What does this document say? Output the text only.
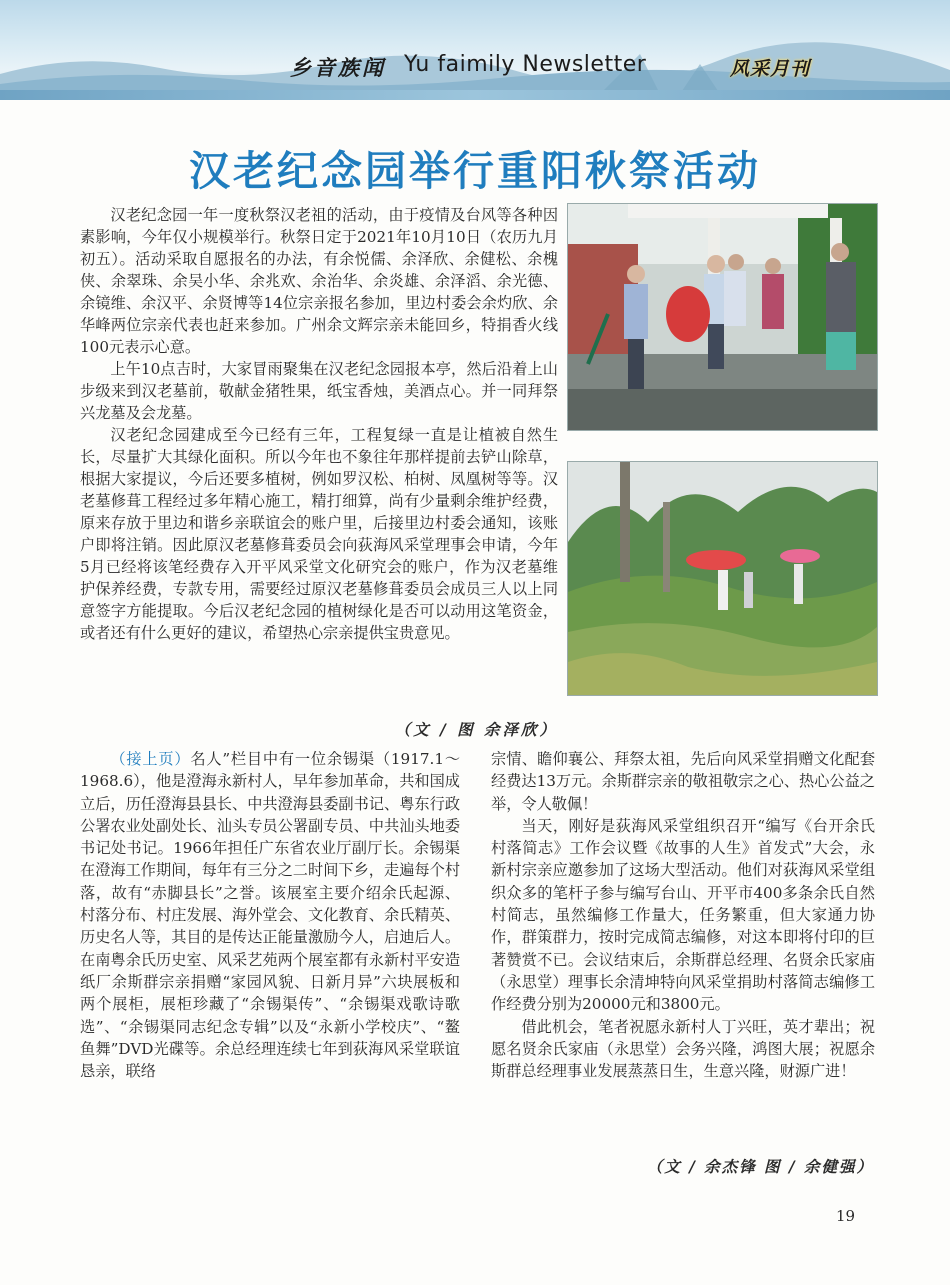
乡音族闻 Yu faimily Newsletter	风采月刊
汉老纪念园举行重阳秋祭活动

汉老纪念园一年一度秋祭汉老祖的活动，由于疫情及台风等各种因素影响，今年仅小规模举行。秋祭日定于2021年10月10日（农历九月初五）。活动采取自愿报名的办法，有余悦儒、余泽欣、余健松、余槐侠、余翠珠、余吴小华、余兆欢、余治华、余炎雄、余泽滔、余光德、余镜维、余汉平、余贤博等14位宗亲报名参加，里边村委会余灼欣、余华峰两位宗亲代表也赶来参加。广州余文辉宗亲未能回乡，特捐香火线100元表示心意。

上午10点吉时，大家冒雨聚集在汉老纪念园报本亭，然后沿着上山步级来到汉老墓前，敬献金猪牲果，纸宝香烛，美酒点心。并一同拜祭兴龙墓及会龙墓。

汉老纪念园建成至今已经有三年，工程复绿一直是让植被自然生长，尽量扩大其绿化面积。所以今年也不象往年那样提前去铲山除草，根据大家提议，今后还要多植树，例如罗汉松、柏树、凤凰树等等。汉老墓修葺工程经过多年精心施工，精打细算，尚有少量剩余维护经费，原来存放于里边和谐乡亲联谊会的账户里，后接里边村委会通知，该账户即将注销。因此原汉老墓修葺委员会向荻海风采堂理事会申请，今年5月已经将该笔经费存入开平风采堂文化研究会的账户，作为汉老墓维护保养经费，专款专用，需要经过原汉老墓修葺委员会成员三人以上同意签字方能提取。今后汉老纪念园的植树绿化是否可以动用这笔资金，或者还有什么更好的建议，希望热心宗亲提供宝贵意见。

（文 / 图 余泽欣）

（接上页）名人”栏目中有一位余锡渠（1917.1～1968.6），他是澄海永新村人，早年参加革命，共和国成立后，历任澄海县县长、中共澄海县委副书记、粤东行政公署农业处副处长、汕头专员公署副专员、中共汕头地委书记处书记。1966年担任广东省农业厅副厅长。余锡渠在澄海工作期间，每年有三分之二时间下乡，走遍每个村落，故有“赤脚县长”之誉。该展室主要介绍余氏起源、村落分布、村庄发展、海外堂会、文化教育、余氏精英、历史名人等，其目的是传达正能量激励今人，启迪后人。在南粤余氏历史室、风采艺苑两个展室都有永新村平安造纸厂余斯群宗亲捐赠“家园风貌、日新月异”六块展板和两个展柜，展柜珍藏了“余锡渠传”、“余锡渠戏歌诗歌选”、“余锡渠同志纪念专辑”以及“永新小学校庆”、“鳌鱼舞”DVD光碟等。余总经理连续七年到荻海风采堂联谊恳亲，联络

宗情、瞻仰襄公、拜祭太祖，先后向风采堂捐赠文化配套经费达13万元。余斯群宗亲的敬祖敬宗之心、热心公益之举，令人敬佩！

当天，刚好是荻海风采堂组织召开“编写《台开余氏村落简志》工作会议暨《故事的人生》首发式”大会，永新村宗亲应邀参加了这场大型活动。他们对荻海风采堂组织众多的笔杆子参与编写台山、开平市400多条余氏自然村简志，虽然编修工作量大，任务繁重，但大家通力协作，群策群力，按时完成简志编修，对这本即将付印的巨著赞赏不已。会议结束后，余斯群总经理、名贤余氏家庙（永思堂）理事长余清坤特向风采堂捐助村落简志编修工作经费分别为20000元和3800元。

借此机会，笔者祝愿永新村人丁兴旺，英才辈出；祝愿名贤余氏家庙（永思堂）会务兴隆，鸿图大展；祝愿余斯群总经理事业发展蒸蒸日生，生意兴隆，财源广进！

（文 / 余杰锋 图 / 余健强）
19
